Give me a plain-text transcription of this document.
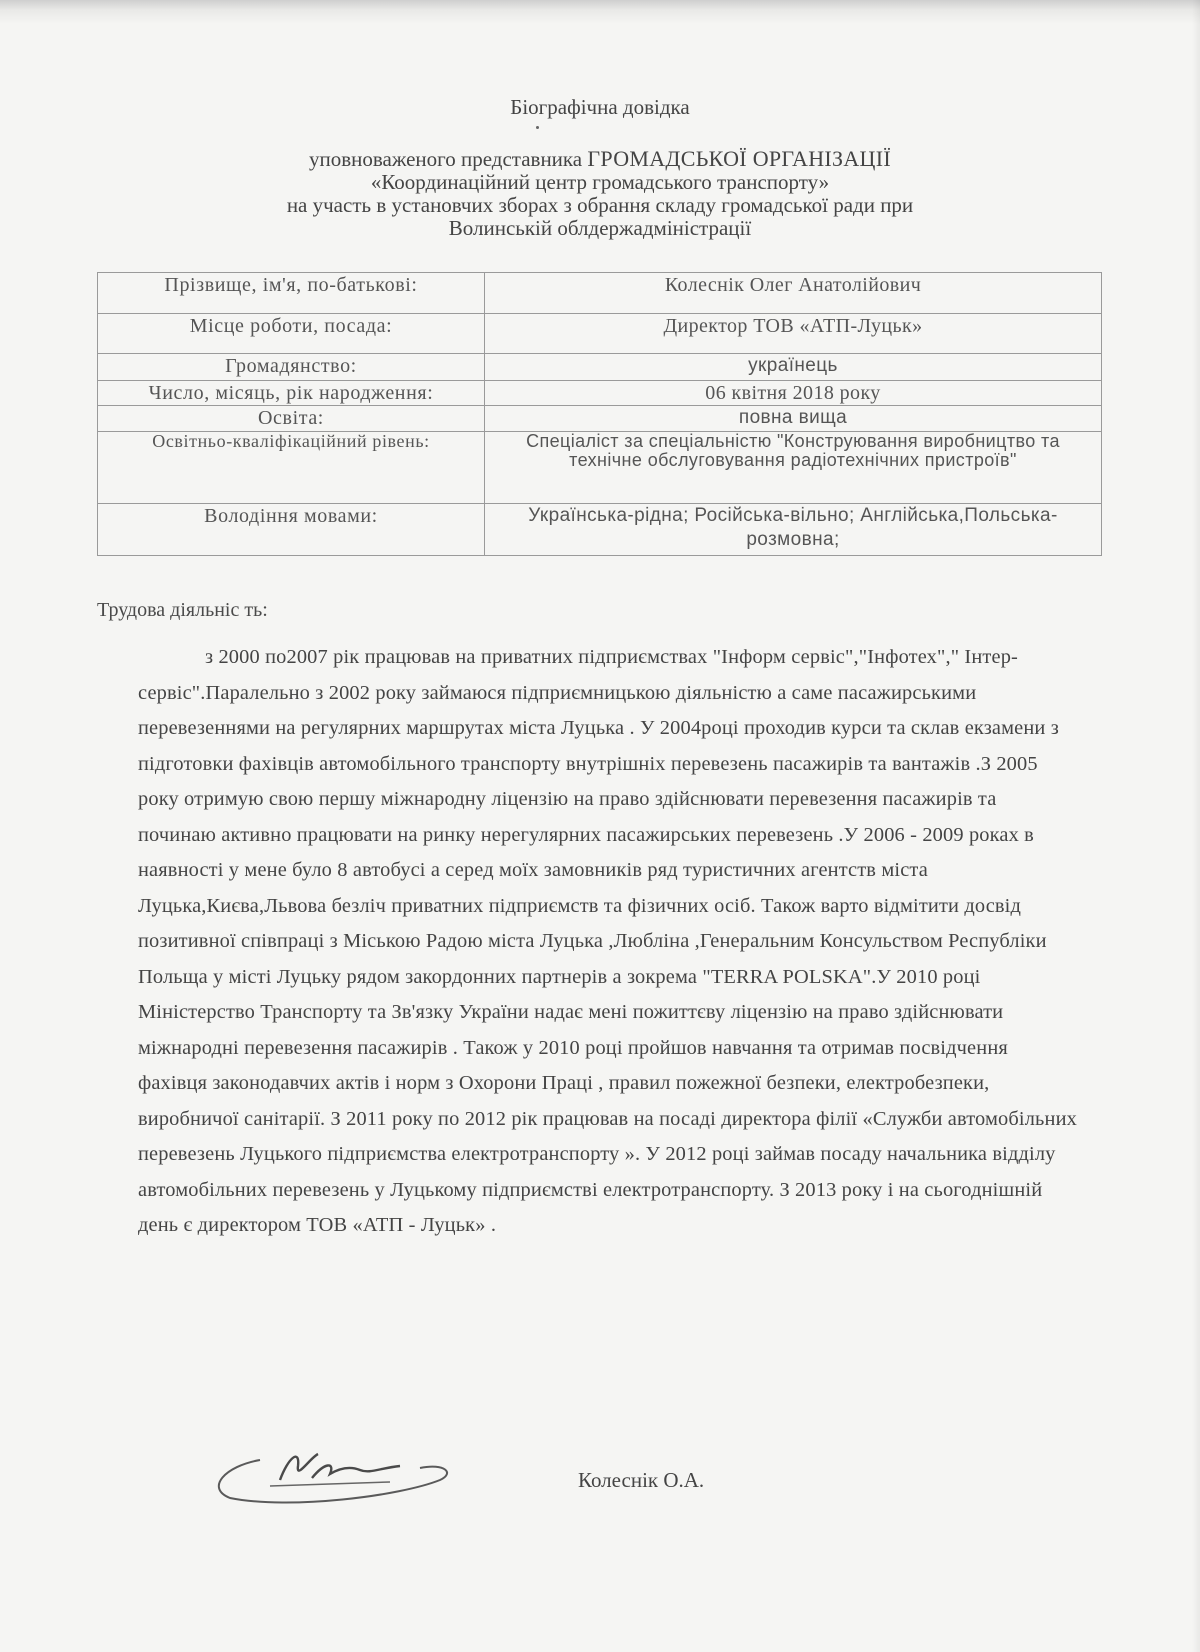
Біографічна довідка
уповноваженого представника ГРОМАДСЬКОЇ ОРГАНІЗАЦІЇ
«Координаційний центр громадського транспорту»
на участь в установчих зборах з обрання складу громадської ради при
Волинській облдержадміністрації
Прізвище, ім'я, по-батькові:	Колеснік Олег Анатолійович
Місце роботи, посада:	Директор ТОВ «АТП-Луцьк»
Громадянство:	українець
Число, місяць, рік народження:	06 квітня 2018 року
Освіта:	повна вища
Освітньо-кваліфікаційний рівень:	Спеціаліст за спеціальністю "Конструювання виробництво та технічне обслуговування радіотехнічних пристроїв"
Володіння мовами:	Українська-рідна; Російська-вільно; Англійська,Польська- розмовна;
Трудова діяльніс ть:
з 2000 по2007 рік працював на приватних підприємствах "Інформ сервіс","Інфотех"," Інтер-сервіс".Паралельно з 2002 року займаюся підприємницькою діяльністю а саме пасажирськими перевезеннями на регулярних маршрутах міста Луцька . У 2004році проходив курси та склав екзамени з підготовки фахівців автомобільного транспорту внутрішніх перевезень пасажирів та вантажів .З 2005 року отримую свою першу міжнародну ліцензію на право здійснювати перевезення пасажирів та починаю активно працювати на ринку нерегулярних пасажирських перевезень .У 2006 - 2009 роках в наявності у мене було 8 автобусі а серед моїх замовників ряд туристичних агентств міста Луцька,Києва,Львова безліч приватних підприємств та фізичних осіб. Також варто відмітити досвід позитивної співпраці з Міською Радою міста Луцька ,Любліна ,Генеральним Консульством Республіки Польща у місті Луцьку рядом закордонних партнерів а зокрема "TERRA POLSKA".У 2010 році Міністерство Транспорту та Зв'язку України надає мені пожиттєву ліцензію на право здійснювати міжнародні перевезення пасажирів . Також у 2010 році пройшов навчання та отримав посвідчення фахівця законодавчих актів і норм з Охорони Праці , правил пожежної безпеки, електробезпеки, виробничої санітарії. З 2011 року по 2012 рік працював на посаді директора філії «Служби автомобільних перевезень Луцького підприємства електротранспорту ». У 2012 році займав посаду начальника відділу автомобільних перевезень у Луцькому підприємстві електротранспорту. З 2013 року і на сьогоднішній день є директором ТОВ «АТП - Луцьк» .
Колеснік О.А.
